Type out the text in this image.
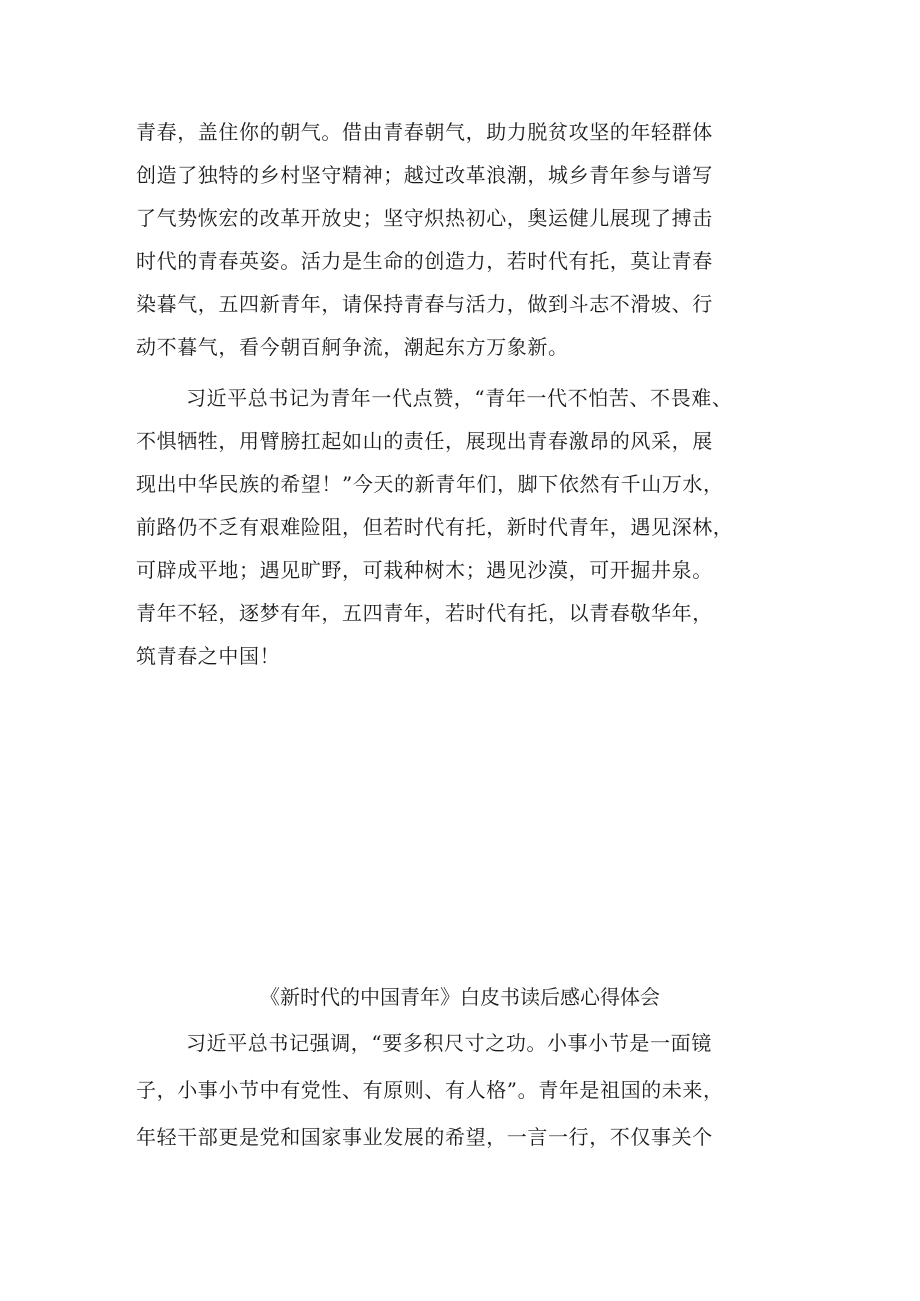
青春，盖住你的朝气。借由青春朝气，助力脱贫攻坚的年轻群体
创造了独特的乡村坚守精神；越过改革浪潮，城乡青年参与谱写
了气势恢宏的改革开放史；坚守炽热初心，奥运健儿展现了搏击
时代的青春英姿。活力是生命的创造力，若时代有托，莫让青春
染暮气，五四新青年，请保持青春与活力，做到斗志不滑坡、行
动不暮气，看今朝百舸争流，潮起东方万象新。
习近平总书记为青年一代点赞，“青年一代不怕苦、不畏难、
不惧牺牲，用臂膀扛起如山的责任，展现出青春激昂的风采，展
现出中华民族的希望！”今天的新青年们，脚下依然有千山万水，
前路仍不乏有艰难险阻，但若时代有托，新时代青年，遇见深林，
可辟成平地；遇见旷野，可栽种树木；遇见沙漠，可开掘井泉。
青年不轻，逐梦有年，五四青年，若时代有托，以青春敬华年，
筑青春之中国！
《新时代的中国青年》白皮书读后感心得体会
习近平总书记强调，“要多积尺寸之功。小事小节是一面镜
子，小事小节中有党性、有原则、有人格”。青年是祖国的未来，
年轻干部更是党和国家事业发展的希望，一言一行，不仅事关个
